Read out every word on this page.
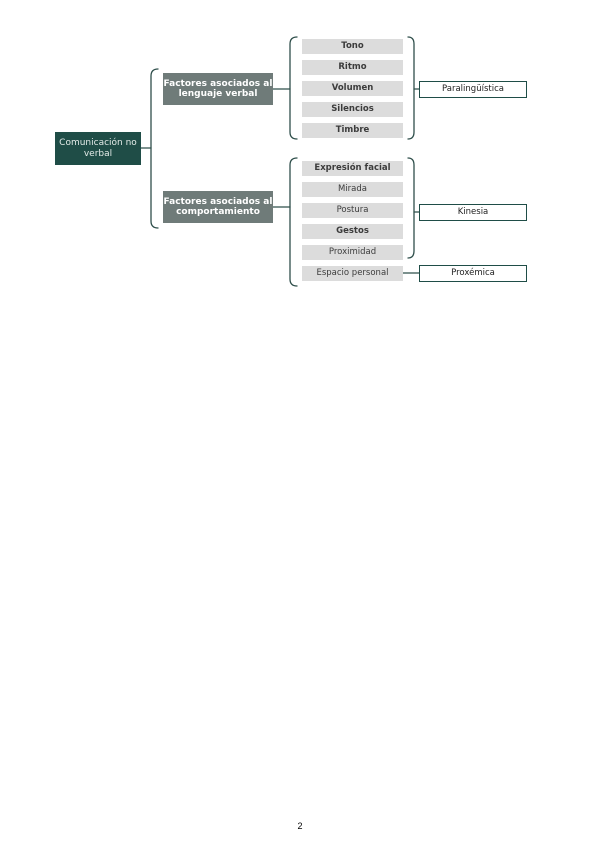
Comunicación no verbal
Factores asociados al lenguaje verbal
Factores asociados al comportamiento
Tono
Ritmo
Volumen
Silencios
Timbre
Expresión facial
Mirada
Postura
Gestos
Proximidad
Espacio personal
Paralingüística
Kinesia
Proxémica
2
